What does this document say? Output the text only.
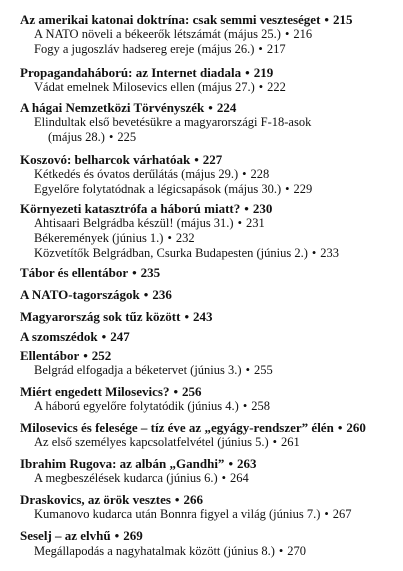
Az amerikai katonai doktrína: csak semmi veszteséget • 215
A NATO növeli a békeerők létszámát (május 25.) • 216
Fogy a jugoszláv hadsereg ereje (május 26.) • 217
Propagandaháború: az Internet diadala • 219
Vádat emelnek Milosevics ellen (május 27.) • 222
A hágai Nemzetközi Törvényszék • 224
Elindultak első bevetésükre a magyarországi F-18-asok
(május 28.) • 225
Koszovó: belharcok várhatóak • 227
Kétkedés és óvatos derűlátás (május 29.) • 228
Egyelőre folytatódnak a légicsapások (május 30.) • 229
Környezeti katasztrófa a háború miatt? • 230
Ahtisaari Belgrádba készül! (május 31.) • 231
Békeremények (június 1.) • 232
Közvetítők Belgrádban, Csurka Budapesten (június 2.) • 233
Tábor és ellentábor • 235
A NATO-tagországok • 236
Magyarország sok tűz között • 243
A szomszédok • 247
Ellentábor • 252
Belgrád elfogadja a béketervet (június 3.) • 255
Miért engedett Milosevics? • 256
A háború egyelőre folytatódik (június 4.) • 258
Milosevics és felesége – tíz éve az „egyágy-rendszer” élén • 260
Az első személyes kapcsolatfelvétel (június 5.) • 261
Ibrahim Rugova: az albán „Gandhi” • 263
A megbeszélések kudarca (június 6.) • 264
Draskovics, az örök vesztes • 266
Kumanovo kudarca után Bonnra figyel a világ (június 7.) • 267
Seselj – az elvhű • 269
Megállapodás a nagyhatalmak között (június 8.) • 270
